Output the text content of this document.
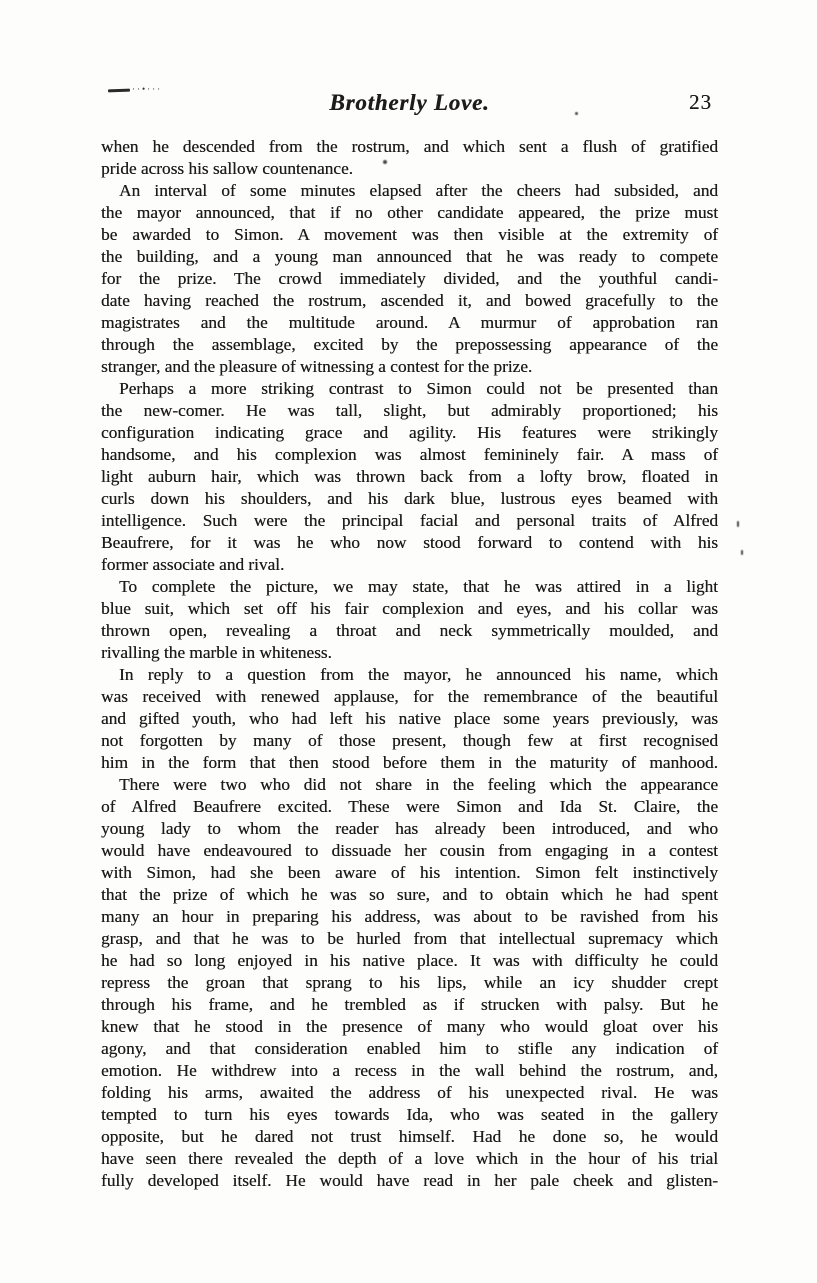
··•···
Brotherly Love.	23
when he descended from the rostrum, and which sent a flush of gratified
pride across his sallow countenance.
An interval of some minutes elapsed after the cheers had subsided, and
the mayor announced, that if no other candidate appeared, the prize must
be awarded to Simon. A movement was then visible at the extremity of
the building, and a young man announced that he was ready to compete
for the prize. The crowd immediately divided, and the youthful candi-
date having reached the rostrum, ascended it, and bowed gracefully to the
magistrates and the multitude around. A murmur of approbation ran
through the assemblage, excited by the prepossessing appearance of the
stranger, and the pleasure of witnessing a contest for the prize.
Perhaps a more striking contrast to Simon could not be presented than
the new-comer. He was tall, slight, but admirably proportioned; his
configuration indicating grace and agility. His features were strikingly
handsome, and his complexion was almost femininely fair. A mass of
light auburn hair, which was thrown back from a lofty brow, floated in
curls down his shoulders, and his dark blue, lustrous eyes beamed with
intelligence. Such were the principal facial and personal traits of Alfred
Beaufrere, for it was he who now stood forward to contend with his
former associate and rival.
To complete the picture, we may state, that he was attired in a light
blue suit, which set off his fair complexion and eyes, and his collar was
thrown open, revealing a throat and neck symmetrically moulded, and
rivalling the marble in whiteness.
In reply to a question from the mayor, he announced his name, which
was received with renewed applause, for the remembrance of the beautiful
and gifted youth, who had left his native place some years previously, was
not forgotten by many of those present, though few at first recognised
him in the form that then stood before them in the maturity of manhood.
There were two who did not share in the feeling which the appearance
of Alfred Beaufrere excited. These were Simon and Ida St. Claire, the
young lady to whom the reader has already been introduced, and who
would have endeavoured to dissuade her cousin from engaging in a contest
with Simon, had she been aware of his intention. Simon felt instinctively
that the prize of which he was so sure, and to obtain which he had spent
many an hour in preparing his address, was about to be ravished from his
grasp, and that he was to be hurled from that intellectual supremacy which
he had so long enjoyed in his native place. It was with difficulty he could
repress the groan that sprang to his lips, while an icy shudder crept
through his frame, and he trembled as if strucken with palsy. But he
knew that he stood in the presence of many who would gloat over his
agony, and that consideration enabled him to stifle any indication of
emotion. He withdrew into a recess in the wall behind the rostrum, and,
folding his arms, awaited the address of his unexpected rival. He was
tempted to turn his eyes towards Ida, who was seated in the gallery
opposite, but he dared not trust himself. Had he done so, he would
have seen there revealed the depth of a love which in the hour of his trial
fully developed itself. He would have read in her pale cheek and glisten-
